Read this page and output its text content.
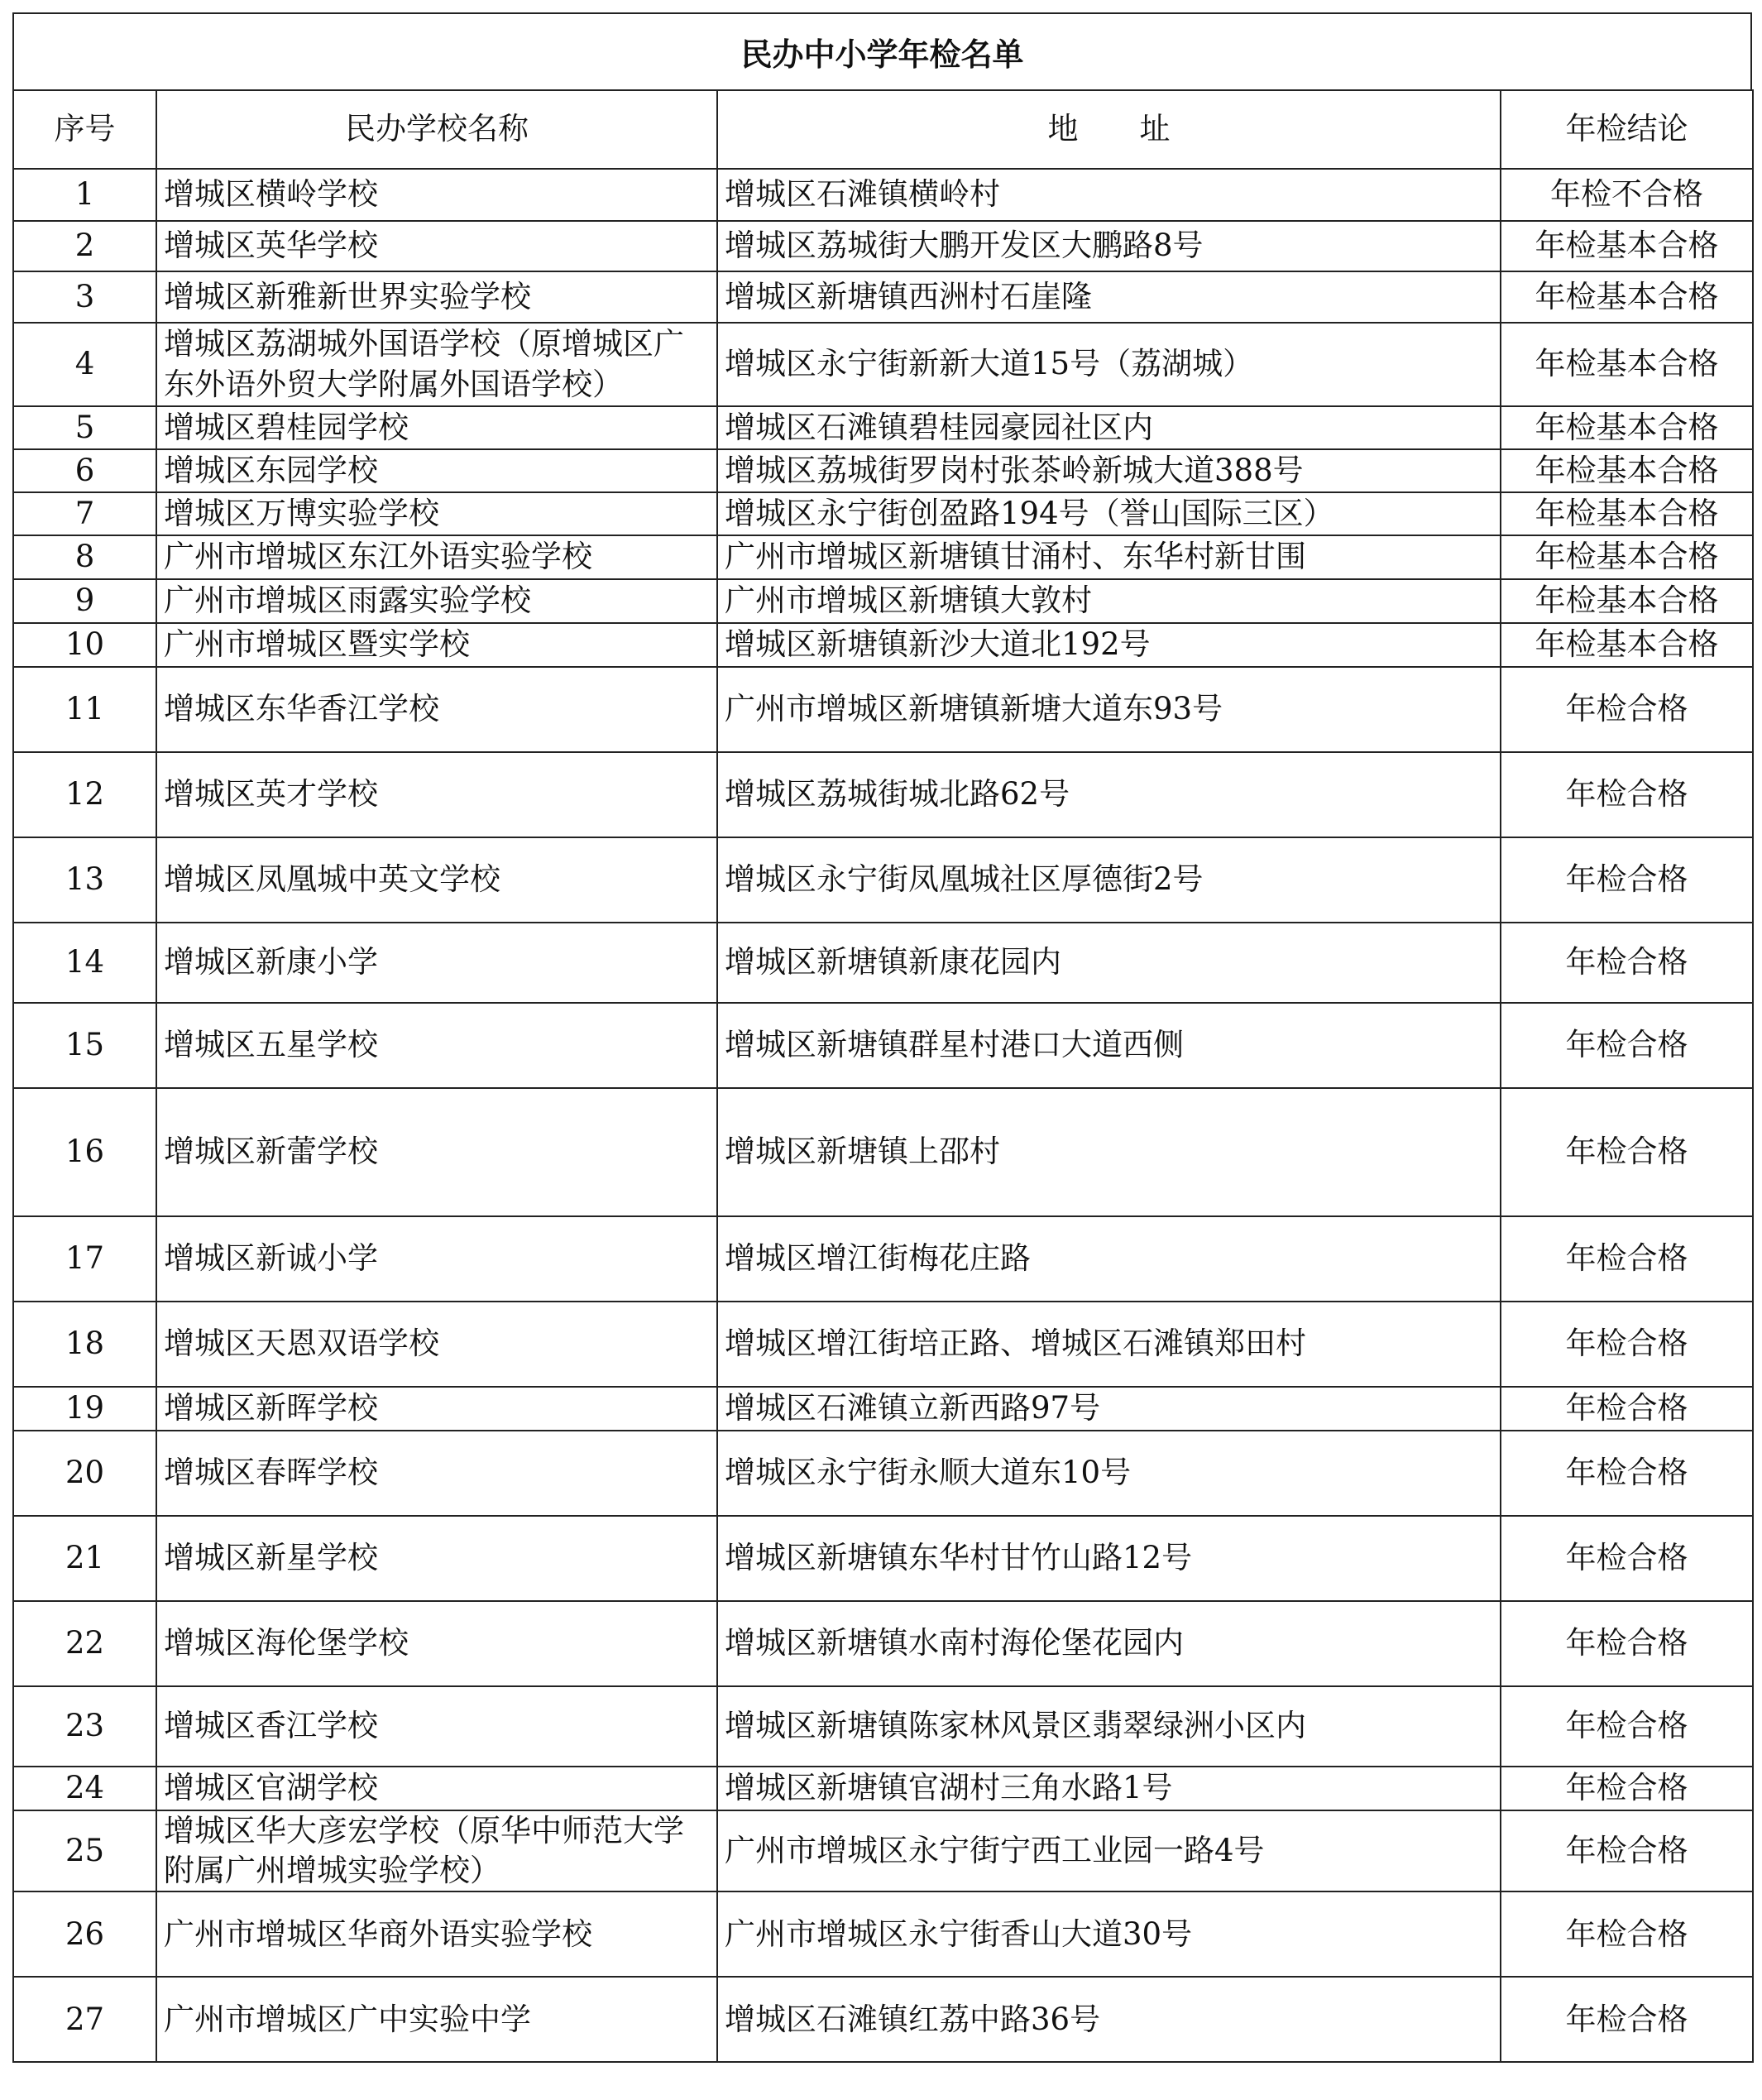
民办中小学年检名单
序号	民办学校名称	地　　址	年检结论
1	增城区横岭学校	增城区石滩镇横岭村	年检不合格
2	增城区英华学校	增城区荔城街大鹏开发区大鹏路8号	年检基本合格
3	增城区新雅新世界实验学校	增城区新塘镇西洲村石崖隆	年检基本合格
4	增城区荔湖城外国语学校（原增城区广东外语外贸大学附属外国语学校）	增城区永宁街新新大道15号（荔湖城）	年检基本合格
5	增城区碧桂园学校	增城区石滩镇碧桂园豪园社区内	年检基本合格
6	增城区东园学校	增城区荔城街罗岗村张茶岭新城大道388号	年检基本合格
7	增城区万博实验学校	增城区永宁街创盈路194号（誉山国际三区）	年检基本合格
8	广州市增城区东江外语实验学校	广州市增城区新塘镇甘涌村、东华村新甘围	年检基本合格
9	广州市增城区雨露实验学校	广州市增城区新塘镇大敦村	年检基本合格
10	广州市增城区暨实学校	增城区新塘镇新沙大道北192号	年检基本合格
11	增城区东华香江学校	广州市增城区新塘镇新塘大道东93号	年检合格
12	增城区英才学校	增城区荔城街城北路62号	年检合格
13	增城区凤凰城中英文学校	增城区永宁街凤凰城社区厚德街2号	年检合格
14	增城区新康小学	增城区新塘镇新康花园内	年检合格
15	增城区五星学校	增城区新塘镇群星村港口大道西侧	年检合格
16	增城区新蕾学校	增城区新塘镇上邵村	年检合格
17	增城区新诚小学	增城区增江街梅花庄路	年检合格
18	增城区天恩双语学校	增城区增江街培正路、增城区石滩镇郑田村	年检合格
19	增城区新晖学校	增城区石滩镇立新西路97号	年检合格
20	增城区春晖学校	增城区永宁街永顺大道东10号	年检合格
21	增城区新星学校	增城区新塘镇东华村甘竹山路12号	年检合格
22	增城区海伦堡学校	增城区新塘镇水南村海伦堡花园内	年检合格
23	增城区香江学校	增城区新塘镇陈家林风景区翡翠绿洲小区内	年检合格
24	增城区官湖学校	增城区新塘镇官湖村三角水路1号	年检合格
25	增城区华大彦宏学校（原华中师范大学附属广州增城实验学校）	广州市增城区永宁街宁西工业园一路4号	年检合格
26	广州市增城区华商外语实验学校	广州市增城区永宁街香山大道30号	年检合格
27	广州市增城区广中实验中学	增城区石滩镇红荔中路36号	年检合格
